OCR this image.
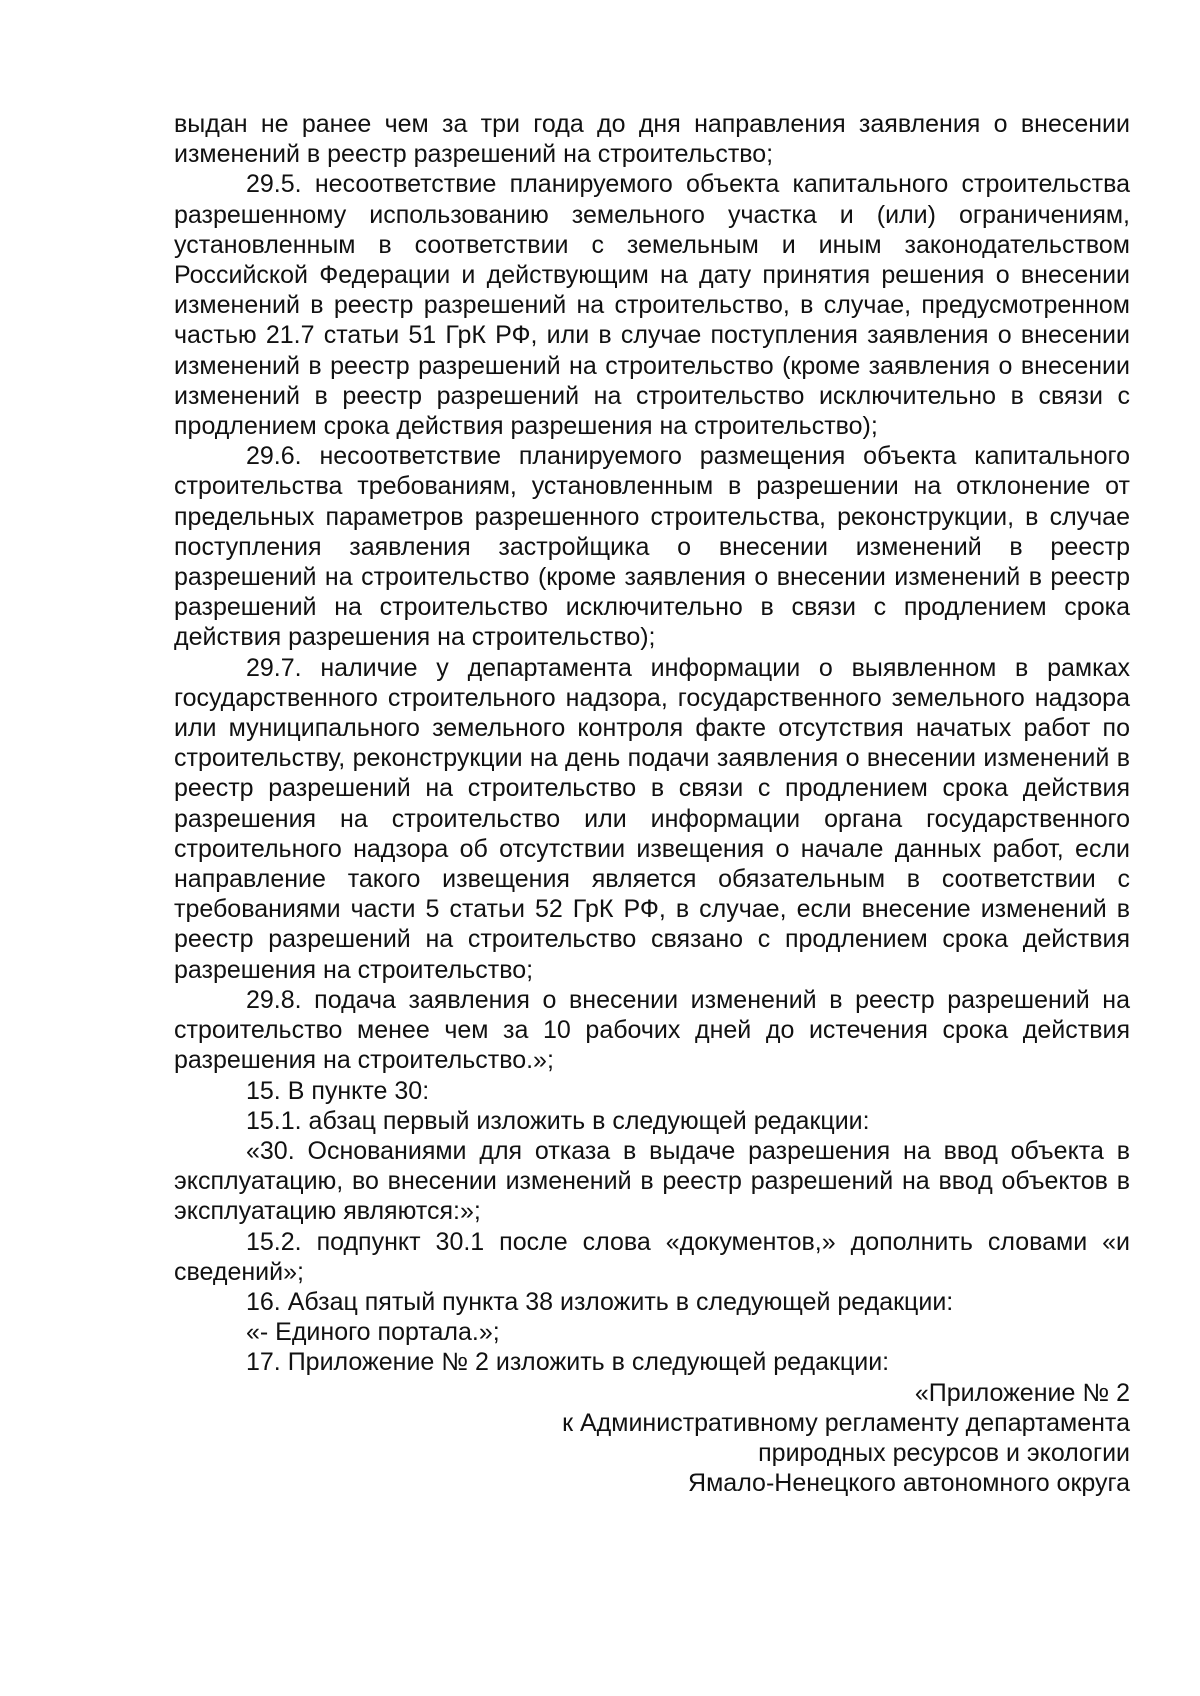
выдан не ранее чем за три года до дня направления заявления о внесении изменений в реестр разрешений на строительство;

29.5. несоответствие планируемого объекта капитального строительства разрешенному использованию земельного участка и (или) ограничениям, установленным в соответствии с земельным и иным законодательством Российской Федерации и действующим на дату принятия решения о внесении изменений в реестр разрешений на строительство, в случае, предусмотренном частью 21.7 статьи 51 ГрК РФ, или в случае поступления заявления о внесении изменений в реестр разрешений на строительство (кроме заявления о внесении изменений в реестр разрешений на строительство исключительно в связи с продлением срока действия разрешения на строительство);

29.6. несоответствие планируемого размещения объекта капитального строительства требованиям, установленным в разрешении на отклонение от предельных параметров разрешенного строительства, реконструкции, в случае поступления заявления застройщика о внесении изменений в реестр разрешений на строительство (кроме заявления о внесении изменений в реестр разрешений на строительство исключительно в связи с продлением срока действия разрешения на строительство);

29.7. наличие у департамента информации о выявленном в рамках государственного строительного надзора, государственного земельного надзора или муниципального земельного контроля факте отсутствия начатых работ по строительству, реконструкции на день подачи заявления о внесении изменений в реестр разрешений на строительство в связи с продлением срока действия разрешения на строительство или информации органа государственного строительного надзора об отсутствии извещения о начале данных работ, если направление такого извещения является обязательным в соответствии с требованиями части 5 статьи 52 ГрК РФ, в случае, если внесение изменений в реестр разрешений на строительство связано с продлением срока действия разрешения на строительство;

29.8. подача заявления о внесении изменений в реестр разрешений на строительство менее чем за 10 рабочих дней до истечения срока действия разрешения на строительство.»;

15. В пункте 30:

15.1. абзац первый изложить в следующей редакции:

«30. Основаниями для отказа в выдаче разрешения на ввод объекта в эксплуатацию, во внесении изменений в реестр разрешений на ввод объектов в эксплуатацию являются:»;

15.2. подпункт 30.1 после слова «документов,» дополнить словами «и сведений»;

16. Абзац пятый пункта 38 изложить в следующей редакции:

«- Единого портала.»;

17. Приложение № 2 изложить в следующей редакции:

«Приложение № 2

к Административному регламенту департамента

природных ресурсов и экологии

Ямало-Ненецкого автономного округа
